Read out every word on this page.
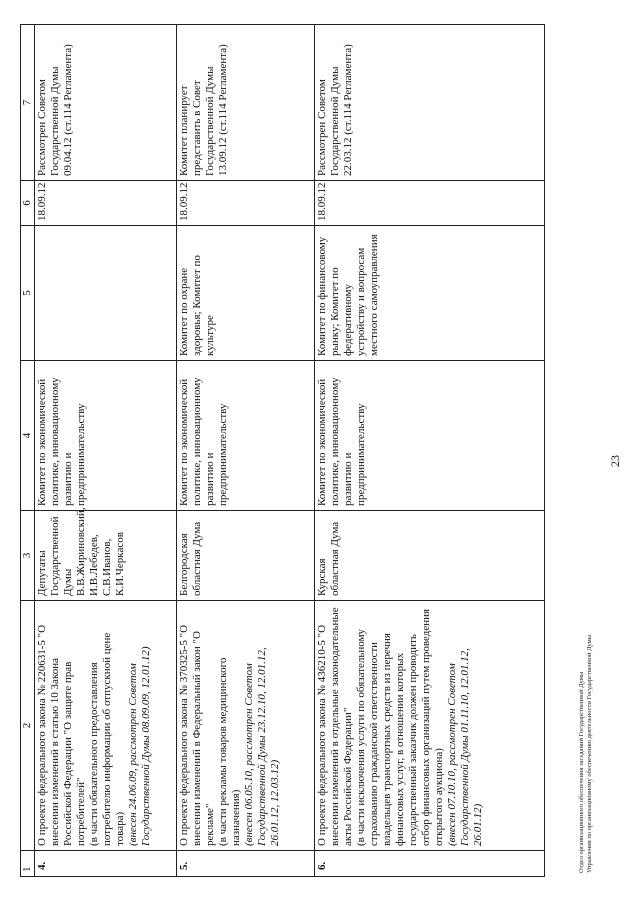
1	2	3	4	5	6	7
4.	О проекте федерального закона № 220631-5 "О внесении изменений в статью 10 Закона Российской Федерации "О защите прав потребителей" (в части обязательного предоставления потребителю информации об отпускной цене товара) (внесен 24.06.09, рассмотрен Советом Государственной Думы 08.09.09, 12.01.12)	Депутаты Государственной Думы В.В.Жириновский, И.В.Лебедев, С.В.Иванов, К.И.Черкасов	Комитет по экономической политике, инновационному развитию и предпринимательству		18.09.12	Рассмотрен Советом Государственной Думы 09.04.12 (ст.114 Регламента)
5.	О проекте федерального закона № 370325-5 "О внесении изменений в Федеральный закон "О рекламе" (в части рекламы товаров медицинского назначения) (внесен 06.05.10, рассмотрен Советом Государственной Думы 23.12.10, 12.01.12, 26.01.12, 12.03.12)	Белгородская областная Дума	Комитет по экономической политике, инновационному развитию и предпринимательству	Комитет по охране здоровья; Комитет по культуре	18.09.12	Комитет планирует представить в Совет Государственной Думы 13.09.12 (ст.114 Регламента)
6.	О проекте федерального закона № 436210-5 "О внесении изменений в отдельные законодательные акты Российской Федерации" (в части исключения услуги по обязательному страхованию гражданской ответственности владельцев транспортных средств из перечня финансовых услуг, в отношении которых государственный заказчик должен проводить отбор финансовых организаций путем проведения открытого аукциона) (внесен 07.10.10, рассмотрен Советом Государственной Думы 01.11.10, 12.01.12, 26.01.12)	Курская областная Дума	Комитет по экономической политике, инновационному развитию и предпринимательству	Комитет по финансовому рынку; Комитет по федеративному устройству и вопросам местного самоуправления	18.09.12	Рассмотрен Советом Государственной Думы 22.03.12 (ст.114 Регламента)
Отдел организационного обеспечения заседаний Государственной Думы Управления по организационному обеспечению деятельности Государственной Думы
23
